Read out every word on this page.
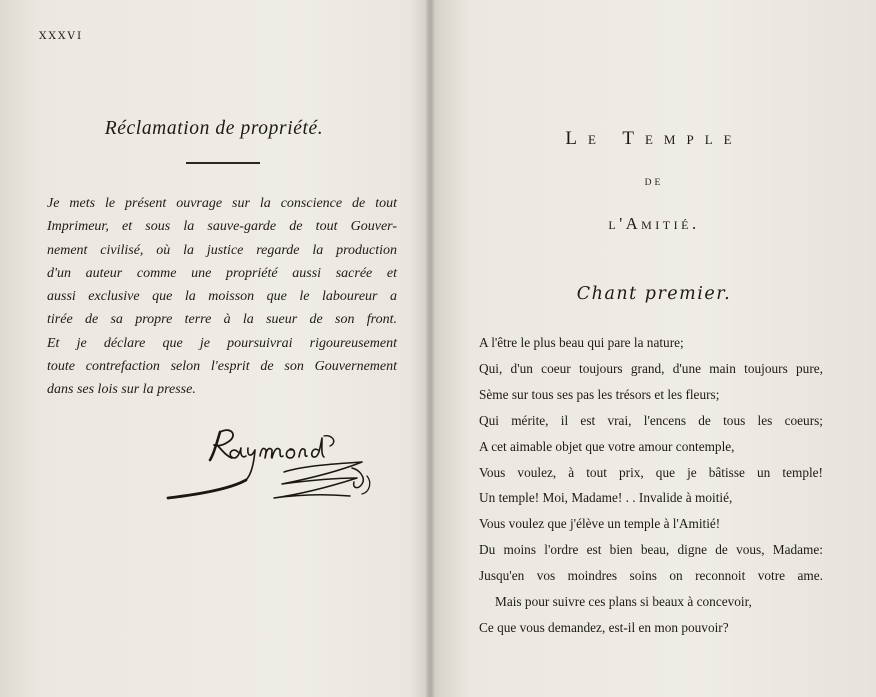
XXXVI

Réclamation de propriété.

Je mets le présent ouvrage sur la conscience de tout
Imprimeur, et sous la sauve-garde de tout Gouver-
nement civilisé, où la justice regarde la production
d'un auteur comme une propriété aussi sacrée et
aussi exclusive que la moisson que le laboureur a
tirée de sa propre terre à la sueur de son front.
Et je déclare que je poursuivrai rigoureusement
toute contrefaction selon l'esprit de son Gouvernement
dans ses lois sur la presse.

Le Temple

DE

l'Amitié.
Chant premier.
A l'être le plus beau qui pare la nature;
Qui, d'un coeur toujours grand, d'une main toujours pure,
Sème sur tous ses pas les trésors et les fleurs;
Qui mérite, il est vrai, l'encens de tous les coeurs;
A cet aimable objet que votre amour contemple,
Vous voulez, à tout prix, que je bâtisse un temple!
Un temple! Moi, Madame! . . Invalide à moitié,
Vous voulez que j'élève un temple à l'Amitié!
Du moins l'ordre est bien beau, digne de vous, Madame:
Jusqu'en vos moindres soins on reconnoit votre ame.
Mais pour suivre ces plans si beaux à concevoir,
Ce que vous demandez, est-il en mon pouvoir?
